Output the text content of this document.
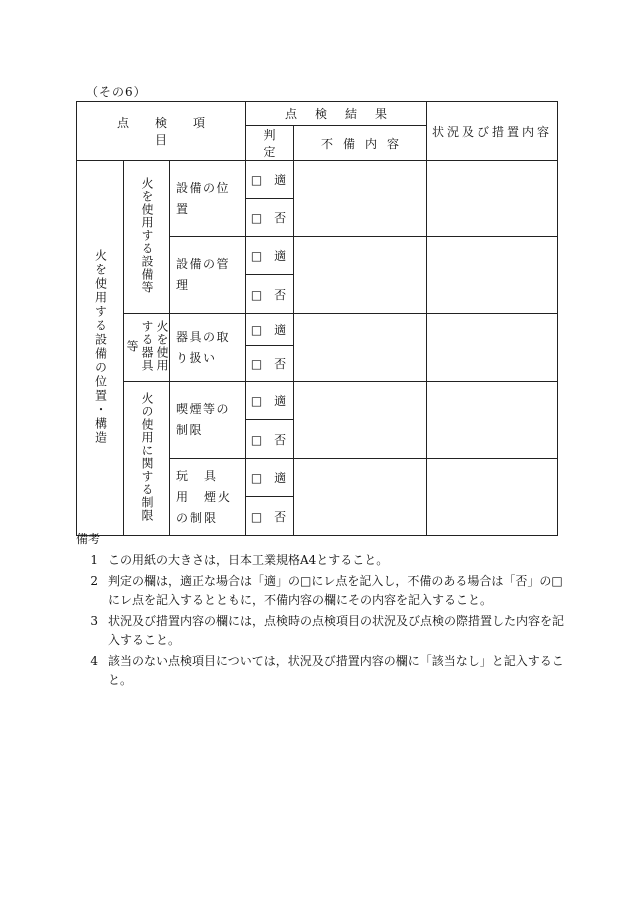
（その6）
点検項目			点検結果		状況及び措置内容
			判定	不備内容	
火を使用する設備の位置・構造	火を使用する設備等	設備の位置	□ 適		
			□ 否		
		設備の管理	□ 適		
			□ 否		
	火を使用する器具等	器具の取り扱い	□ 適		
			□ 否		
	火の使用に関する制限	喫煙等の制限	□ 適		
			□ 否		
		玩　具　用　煙火の制限	□ 適		
			□ 否		
備考
1 この用紙の大きさは，日本工業規格A4とすること。
2 判定の欄は，適正な場合は「適」の□にレ点を記入し，不備のある場合は「否」の□にレ点を記入するとともに，不備内容の欄にその内容を記入すること。
3 状況及び措置内容の欄には，点検時の点検項目の状況及び点検の際措置した内容を記入すること。
4 該当のない点検項目については，状況及び措置内容の欄に「該当なし」と記入すること。
